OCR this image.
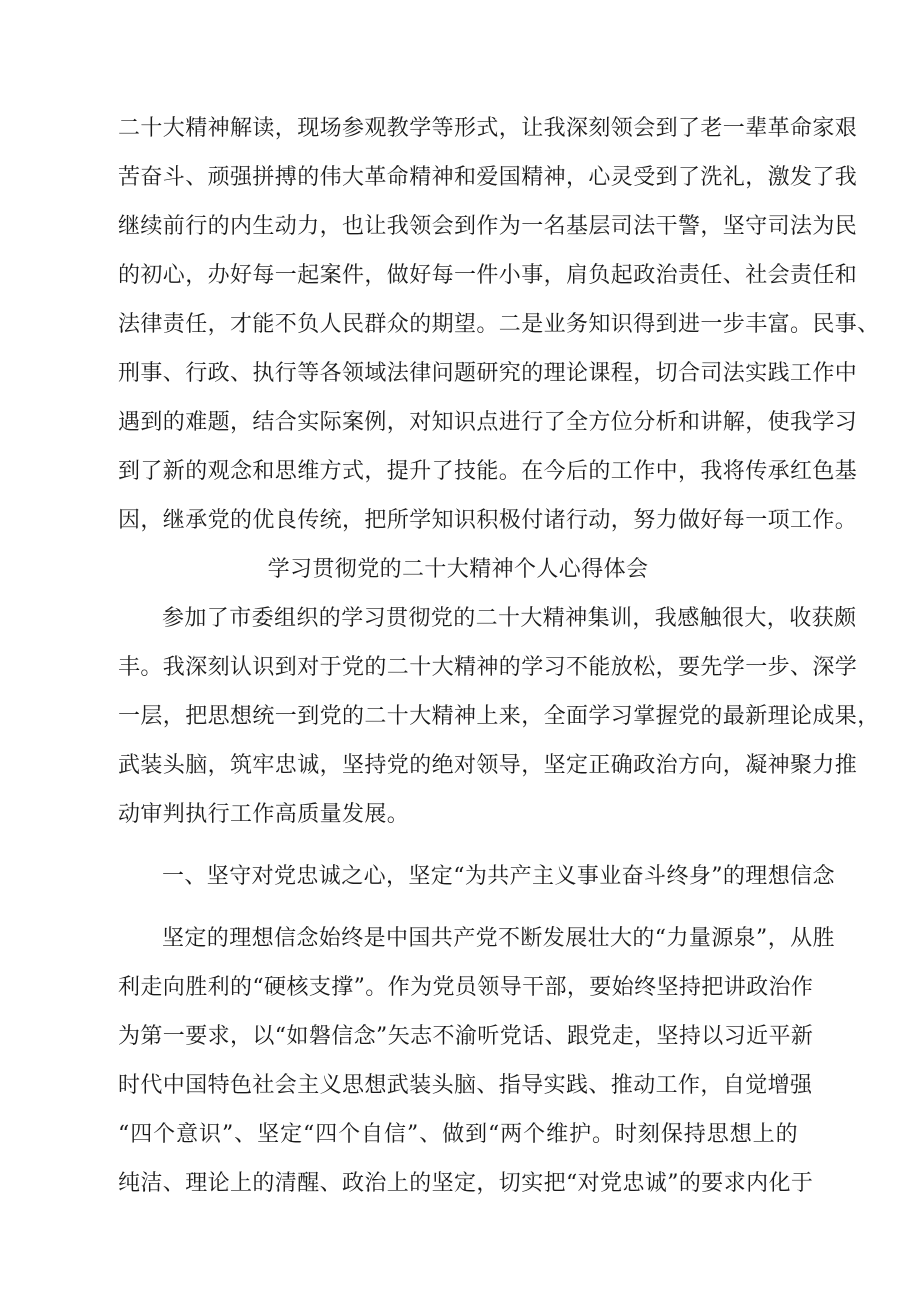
二十大精神解读，现场参观教学等形式，让我深刻领会到了老一辈革命家艰

苦奋斗、顽强拼搏的伟大革命精神和爱国精神，心灵受到了洗礼，激发了我

继续前行的内生动力，也让我领会到作为一名基层司法干警，坚守司法为民

的初心，办好每一起案件，做好每一件小事，肩负起政治责任、社会责任和

法律责任，才能不负人民群众的期望。二是业务知识得到进一步丰富。民事、

刑事、行政、执行等各领域法律问题研究的理论课程，切合司法实践工作中

遇到的难题，结合实际案例，对知识点进行了全方位分析和讲解，使我学习

到了新的观念和思维方式，提升了技能。在今后的工作中，我将传承红色基

因，继承党的优良传统，把所学知识积极付诸行动，努力做好每一项工作。

学习贯彻党的二十大精神个人心得体会

参加了市委组织的学习贯彻党的二十大精神集训，我感触很大，收获颇

丰。我深刻认识到对于党的二十大精神的学习不能放松，要先学一步、深学

一层，把思想统一到党的二十大精神上来，全面学习掌握党的最新理论成果，

武装头脑，筑牢忠诚，坚持党的绝对领导，坚定正确政治方向，凝神聚力推

动审判执行工作高质量发展。

一、坚守对党忠诚之心，坚定“为共产主义事业奋斗终身”的理想信念

坚定的理想信念始终是中国共产党不断发展壮大的“力量源泉”，从胜

利走向胜利的“硬核支撑”。作为党员领导干部，要始终坚持把讲政治作

为第一要求，以“如磐信念”矢志不渝听党话、跟党走，坚持以习近平新

时代中国特色社会主义思想武装头脑、指导实践、推动工作，自觉增强

“四个意识”、坚定“四个自信”、做到“两个维护。时刻保持思想上的

纯洁、理论上的清醒、政治上的坚定，切实把“对党忠诚”的要求内化于
